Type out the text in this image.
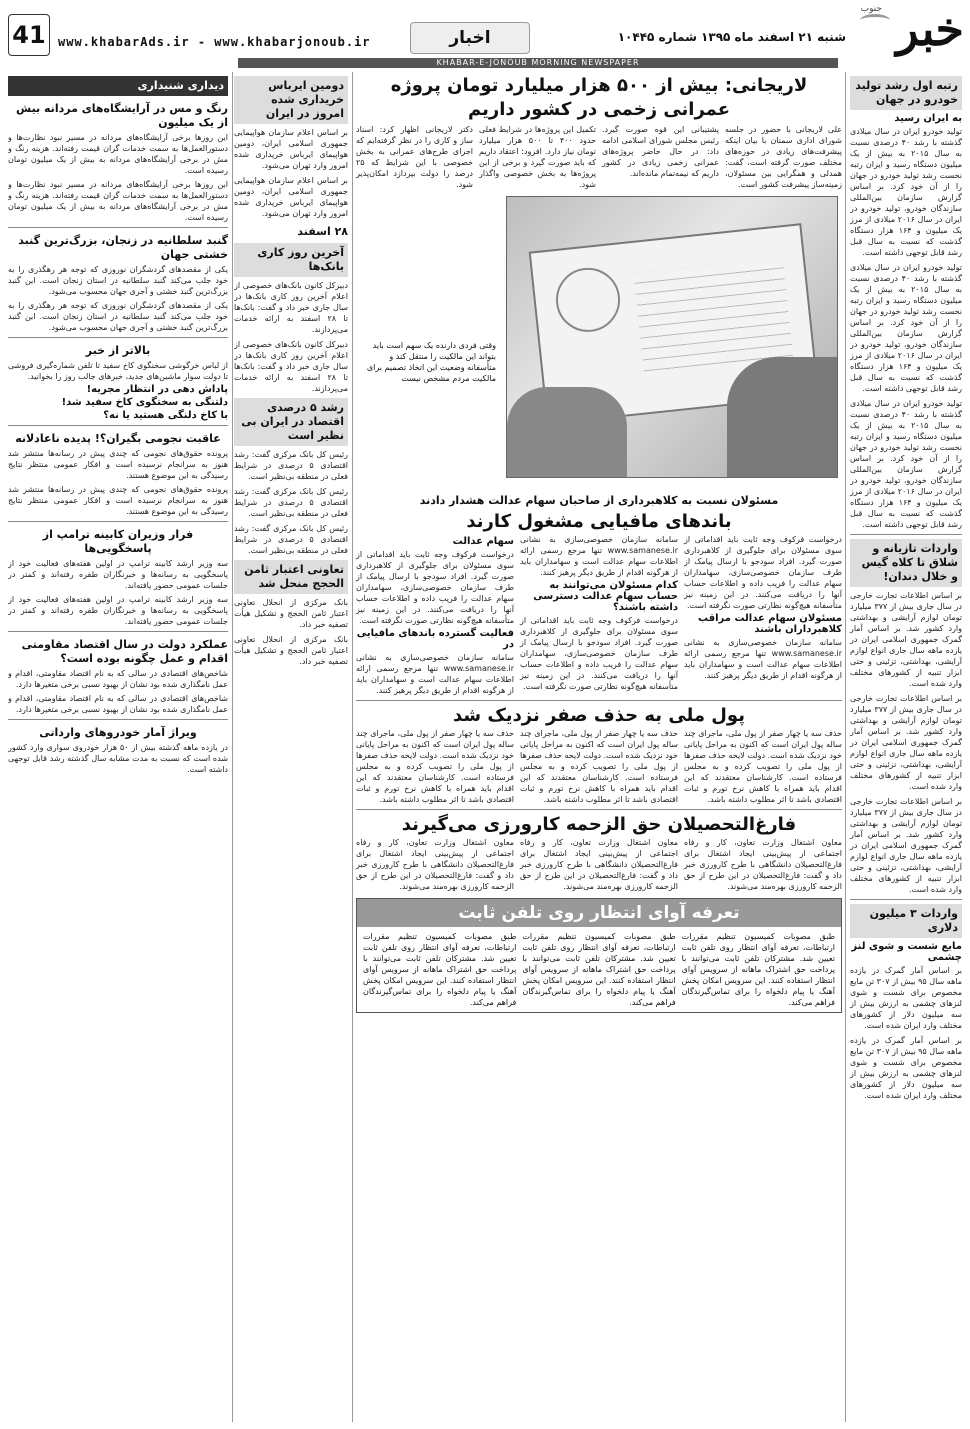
جنوب خبر
شنبه ۲۱ اسفند ماه ۱۳۹۵ شماره ۱۰۴۴۵
اخبار
www.khabarAds.ir - www.khabarjonoub.ir
41
KHABAR-E-JONOUB MORNING NEWSPAPER
رتبه اول رشد تولید خودرو در جهان
به ایران رسید
تولید خودرو ایران در سال میلادی گذشته با رشد ۴۰ درصدی نسبت به سال ۲۰۱۵ به بیش از یک میلیون دستگاه رسید و ایران رتبه نخست رشد تولید خودرو در جهان را از آن خود کرد. بر اساس گزارش سازمان بین‌المللی سازندگان خودرو، تولید خودرو در ایران در سال ۲۰۱۶ میلادی از مرز یک میلیون و ۱۶۴ هزار دستگاه گذشت که نسبت به سال قبل رشد قابل توجهی داشته است.
تولید خودرو ایران در سال میلادی گذشته با رشد ۴۰ درصدی نسبت به سال ۲۰۱۵ به بیش از یک میلیون دستگاه رسید و ایران رتبه نخست رشد تولید خودرو در جهان را از آن خود کرد. بر اساس گزارش سازمان بین‌المللی سازندگان خودرو، تولید خودرو در ایران در سال ۲۰۱۶ میلادی از مرز یک میلیون و ۱۶۴ هزار دستگاه گذشت که نسبت به سال قبل رشد قابل توجهی داشته است.
تولید خودرو ایران در سال میلادی گذشته با رشد ۴۰ درصدی نسبت به سال ۲۰۱۵ به بیش از یک میلیون دستگاه رسید و ایران رتبه نخست رشد تولید خودرو در جهان را از آن خود کرد. بر اساس گزارش سازمان بین‌المللی سازندگان خودرو، تولید خودرو در ایران در سال ۲۰۱۶ میلادی از مرز یک میلیون و ۱۶۴ هزار دستگاه گذشت که نسبت به سال قبل رشد قابل توجهی داشته است.
واردات تازیانه و شلاق تا کلاه گیس و خلال دندان!
بر اساس اطلاعات تجارت خارجی در سال جاری بیش از ۳۷۷ میلیارد تومان لوازم آرایشی و بهداشتی وارد کشور شد. بر اساس آمار گمرک جمهوری اسلامی ایران در یازده ماهه سال جاری انواع لوازم آرایشی، بهداشتی، تزئینی و حتی ابزار تنبیه از کشورهای مختلف وارد شده است.
بر اساس اطلاعات تجارت خارجی در سال جاری بیش از ۳۷۷ میلیارد تومان لوازم آرایشی و بهداشتی وارد کشور شد. بر اساس آمار گمرک جمهوری اسلامی ایران در یازده ماهه سال جاری انواع لوازم آرایشی، بهداشتی، تزئینی و حتی ابزار تنبیه از کشورهای مختلف وارد شده است.
بر اساس اطلاعات تجارت خارجی در سال جاری بیش از ۳۷۷ میلیارد تومان لوازم آرایشی و بهداشتی وارد کشور شد. بر اساس آمار گمرک جمهوری اسلامی ایران در یازده ماهه سال جاری انواع لوازم آرایشی، بهداشتی، تزئینی و حتی ابزار تنبیه از کشورهای مختلف وارد شده است.
واردات ۳ میلیون دلاری
مایع شست و شوی لنز چشمی
بر اساس آمار گمرک در یازده ماهه سال ۹۵ بیش از ۳۰۷ تن مایع مخصوص برای شست و شوی لنزهای چشمی به ارزش بیش از سه میلیون دلار از کشورهای مختلف وارد ایران شده است.
بر اساس آمار گمرک در یازده ماهه سال ۹۵ بیش از ۳۰۷ تن مایع مخصوص برای شست و شوی لنزهای چشمی به ارزش بیش از سه میلیون دلار از کشورهای مختلف وارد ایران شده است.
لاریجانی: بیش از ۵۰۰ هزار میلیارد تومان پروژه عمرانی زخمی در کشور داریم
علی لاریجانی با حضور در جلسه شورای اداری سمنان با بیان اینکه پیشرفت‌های زیادی در حوزه‌های مختلف صورت گرفته است، گفت: همدلی و همگرایی بین مسئولان، زمینه‌ساز پیشرفت کشور است.
پشتیبانی این قوه صورت گیرد. رئیس مجلس شورای اسلامی ادامه داد: در حال حاضر پروژه‌های عمرانی زخمی زیادی در کشور داریم که نیمه‌تمام مانده‌اند.
تکمیل این پروژه‌ها در شرایط فعلی حدود ۴۰۰ تا ۵۰۰ هزار میلیارد تومان نیاز دارد. افزود: اعتقاد داریم که باید صورت گیرد و برخی از این پروژه‌ها به بخش خصوصی واگذار شود.
دکتر لاریجانی اظهار کرد: اسناد ساز و کاری را در نظر گرفته‌ایم که اجرای طرح‌های عمرانی به بخش خصوصی با این شرایط که ۲۵ درصد را دولت بپردازد امکان‌پذیر شود.
وقتی فردی دارنده یک سهم است باید بتواند این مالکیت را منتقل کند و متأسفانه وضعیت این اتخاذ تصمیم برای مالکیت مردم مشخص نیست
مسئولان نسبت به کلاهبرداری از صاحبان سهام عدالت هشدار دادند
باندهای مافیایی مشغول کارند
درخواست فرکوف وجه ثابت باید اقداماتی از سوی مسئولان برای جلوگیری از کلاهبرداری صورت گیرد. افراد سودجو با ارسال پیامک از طرف سازمان خصوصی‌سازی، سهامداران سهام عدالت را فریب داده و اطلاعات حساب آنها را دریافت می‌کنند. در این زمینه نیز متأسفانه هیچ‌گونه نظارتی صورت نگرفته است.
مسئولان سهام عدالت مراقب کلاهبرداران باشند
سامانه سازمان خصوصی‌سازی به نشانی www.samanese.ir تنها مرجع رسمی ارائه اطلاعات سهام عدالت است و سهامداران باید از هرگونه اقدام از طریق دیگر پرهیز کنند.
سامانه سازمان خصوصی‌سازی به نشانی www.samanese.ir تنها مرجع رسمی ارائه اطلاعات سهام عدالت است و سهامداران باید از هرگونه اقدام از طریق دیگر پرهیز کنند.
کدام مسئولان می‌توانند به حساب سهام عدالت دسترسی داشته باشند؟
درخواست فرکوف وجه ثابت باید اقداماتی از سوی مسئولان برای جلوگیری از کلاهبرداری صورت گیرد. افراد سودجو با ارسال پیامک از طرف سازمان خصوصی‌سازی، سهامداران سهام عدالت را فریب داده و اطلاعات حساب آنها را دریافت می‌کنند. در این زمینه نیز متأسفانه هیچ‌گونه نظارتی صورت نگرفته است.
سهام عدالت
درخواست فرکوف وجه ثابت باید اقداماتی از سوی مسئولان برای جلوگیری از کلاهبرداری صورت گیرد. افراد سودجو با ارسال پیامک از طرف سازمان خصوصی‌سازی، سهامداران سهام عدالت را فریب داده و اطلاعات حساب آنها را دریافت می‌کنند. در این زمینه نیز متأسفانه هیچ‌گونه نظارتی صورت نگرفته است.
فعالیت گسترده باندهای مافیایی در
سامانه سازمان خصوصی‌سازی به نشانی www.samanese.ir تنها مرجع رسمی ارائه اطلاعات سهام عدالت است و سهامداران باید از هرگونه اقدام از طریق دیگر پرهیز کنند.
پول ملی به حذف صفر نزدیک شد
حذف سه یا چهار صفر از پول ملی، ماجرای چند ساله پول ایران است که اکنون به مراحل پایانی خود نزدیک شده است. دولت لایحه حذف صفرها از پول ملی را تصویب کرده و به مجلس فرستاده است. کارشناسان معتقدند که این اقدام باید همراه با کاهش نرخ تورم و ثبات اقتصادی باشد تا اثر مطلوب داشته باشد.
حذف سه یا چهار صفر از پول ملی، ماجرای چند ساله پول ایران است که اکنون به مراحل پایانی خود نزدیک شده است. دولت لایحه حذف صفرها از پول ملی را تصویب کرده و به مجلس فرستاده است. کارشناسان معتقدند که این اقدام باید همراه با کاهش نرخ تورم و ثبات اقتصادی باشد تا اثر مطلوب داشته باشد.
حذف سه یا چهار صفر از پول ملی، ماجرای چند ساله پول ایران است که اکنون به مراحل پایانی خود نزدیک شده است. دولت لایحه حذف صفرها از پول ملی را تصویب کرده و به مجلس فرستاده است. کارشناسان معتقدند که این اقدام باید همراه با کاهش نرخ تورم و ثبات اقتصادی باشد تا اثر مطلوب داشته باشد.
فارغ‌التحصیلان حق الزحمه کارورزی می‌گیرند
معاون اشتغال وزارت تعاون، کار و رفاه اجتماعی از پیش‌بینی ایجاد اشتغال برای فارغ‌التحصیلان دانشگاهی با طرح کارورزی خبر داد و گفت: فارغ‌التحصیلان در این طرح از حق الزحمه کارورزی بهره‌مند می‌شوند.
معاون اشتغال وزارت تعاون، کار و رفاه اجتماعی از پیش‌بینی ایجاد اشتغال برای فارغ‌التحصیلان دانشگاهی با طرح کارورزی خبر داد و گفت: فارغ‌التحصیلان در این طرح از حق الزحمه کارورزی بهره‌مند می‌شوند.
معاون اشتغال وزارت تعاون، کار و رفاه اجتماعی از پیش‌بینی ایجاد اشتغال برای فارغ‌التحصیلان دانشگاهی با طرح کارورزی خبر داد و گفت: فارغ‌التحصیلان در این طرح از حق الزحمه کارورزی بهره‌مند می‌شوند.
تعرفه آوای انتظار روی تلفن ثابت
طبق مصوبات کمیسیون تنظیم مقررات ارتباطات، تعرفه آوای انتظار روی تلفن ثابت تعیین شد. مشترکان تلفن ثابت می‌توانند با پرداخت حق اشتراک ماهانه از سرویس آوای انتظار استفاده کنند. این سرویس امکان پخش آهنگ یا پیام دلخواه را برای تماس‌گیرندگان فراهم می‌کند.
طبق مصوبات کمیسیون تنظیم مقررات ارتباطات، تعرفه آوای انتظار روی تلفن ثابت تعیین شد. مشترکان تلفن ثابت می‌توانند با پرداخت حق اشتراک ماهانه از سرویس آوای انتظار استفاده کنند. این سرویس امکان پخش آهنگ یا پیام دلخواه را برای تماس‌گیرندگان فراهم می‌کند.
طبق مصوبات کمیسیون تنظیم مقررات ارتباطات، تعرفه آوای انتظار روی تلفن ثابت تعیین شد. مشترکان تلفن ثابت می‌توانند با پرداخت حق اشتراک ماهانه از سرویس آوای انتظار استفاده کنند. این سرویس امکان پخش آهنگ یا پیام دلخواه را برای تماس‌گیرندگان فراهم می‌کند.
دومین ایرباس خریداری شده امروز در ایران
بر اساس اعلام سازمان هواپیمایی جمهوری اسلامی ایران، دومین هواپیمای ایرباس خریداری شده امروز وارد تهران می‌شود.
بر اساس اعلام سازمان هواپیمایی جمهوری اسلامی ایران، دومین هواپیمای ایرباس خریداری شده امروز وارد تهران می‌شود.
۲۸ اسفند
آخرین روز کاری بانک‌ها
دبیرکل کانون بانک‌های خصوصی از اعلام آخرین روز کاری بانک‌ها در سال جاری خبر داد و گفت: بانک‌ها تا ۲۸ اسفند به ارائه خدمات می‌پردازند.
دبیرکل کانون بانک‌های خصوصی از اعلام آخرین روز کاری بانک‌ها در سال جاری خبر داد و گفت: بانک‌ها تا ۲۸ اسفند به ارائه خدمات می‌پردازند.
رشد ۵ درصدی اقتصاد در ایران بی نظیر است
رئیس کل بانک مرکزی گفت: رشد اقتصادی ۵ درصدی در شرایط فعلی در منطقه بی‌نظیر است.
رئیس کل بانک مرکزی گفت: رشد اقتصادی ۵ درصدی در شرایط فعلی در منطقه بی‌نظیر است.
رئیس کل بانک مرکزی گفت: رشد اقتصادی ۵ درصدی در شرایط فعلی در منطقه بی‌نظیر است.
تعاونی اعتبار ثامن الحجج منحل شد
بانک مرکزی از انحلال تعاونی اعتبار ثامن الحجج و تشکیل هیأت تصفیه خبر داد.
بانک مرکزی از انحلال تعاونی اعتبار ثامن الحجج و تشکیل هیأت تصفیه خبر داد.
دیداری شنیداری
رنگ و مس در آرایشگاه‌های مردانه بیش از یک میلیون
این روزها برخی آرایشگاه‌های مردانه در مسیر نبود نظارت‌ها و دستورالعمل‌ها به سمت خدمات گران قیمت رفته‌اند. هزینه رنگ و مش در برخی آرایشگاه‌های مردانه به بیش از یک میلیون تومان رسیده است.
این روزها برخی آرایشگاه‌های مردانه در مسیر نبود نظارت‌ها و دستورالعمل‌ها به سمت خدمات گران قیمت رفته‌اند. هزینه رنگ و مش در برخی آرایشگاه‌های مردانه به بیش از یک میلیون تومان رسیده است.
گنبد سلطانیه در زنجان، بزرگ‌ترین گنبد خشتی جهان
یکی از مقصدهای گردشگران نوروزی که توجه هر رهگذری را به خود جلب می‌کند گنبد سلطانیه در استان زنجان است. این گنبد بزرگ‌ترین گنبد خشتی و آجری جهان محسوب می‌شود.
یکی از مقصدهای گردشگران نوروزی که توجه هر رهگذری را به خود جلب می‌کند گنبد سلطانیه در استان زنجان است. این گنبد بزرگ‌ترین گنبد خشتی و آجری جهان محسوب می‌شود.
بالاتر از خبر
از لباس خرگوشی سخنگوی کاخ سفید تا تلفن شماره‌گیری فروشی تا دولت سوار ماشین‌های جدید، خبرهای جالب روز را بخوانید.
پاداش دهی در انتظار مجریه!
دلتنگی به سختگوی کاخ سفید شد!
با کاخ دلنگی هستید یا نه؟
عاقبت نجومی بگیران؟! پدیده ناعادلانه
پرونده حقوق‌های نجومی که چندی پیش در رسانه‌ها منتشر شد هنوز به سرانجام نرسیده است و افکار عمومی منتظر نتایج رسیدگی به این موضوع هستند.
پرونده حقوق‌های نجومی که چندی پیش در رسانه‌ها منتشر شد هنوز به سرانجام نرسیده است و افکار عمومی منتظر نتایج رسیدگی به این موضوع هستند.
فرار وزیران کابینه ترامپ از پاسخگویی‌ها
سه وزیر ارشد کابینه ترامپ در اولین هفته‌های فعالیت خود از پاسخگویی به رسانه‌ها و خبرنگاران طفره رفته‌اند و کمتر در جلسات عمومی حضور یافته‌اند.
سه وزیر ارشد کابینه ترامپ در اولین هفته‌های فعالیت خود از پاسخگویی به رسانه‌ها و خبرنگاران طفره رفته‌اند و کمتر در جلسات عمومی حضور یافته‌اند.
عملکرد دولت در سال اقتصاد مقاومتی اقدام و عمل چگونه بوده است؟
شاخص‌های اقتصادی در سالی که به نام اقتصاد مقاومتی، اقدام و عمل نامگذاری شده بود نشان از بهبود نسبی برخی متغیرها دارد.
شاخص‌های اقتصادی در سالی که به نام اقتصاد مقاومتی، اقدام و عمل نامگذاری شده بود نشان از بهبود نسبی برخی متغیرها دارد.
ویراژ آمار خودروهای وارداتی
در یازده ماهه گذشته بیش از ۵۰ هزار خودروی سواری وارد کشور شده است که نسبت به مدت مشابه سال گذشته رشد قابل توجهی داشته است.
